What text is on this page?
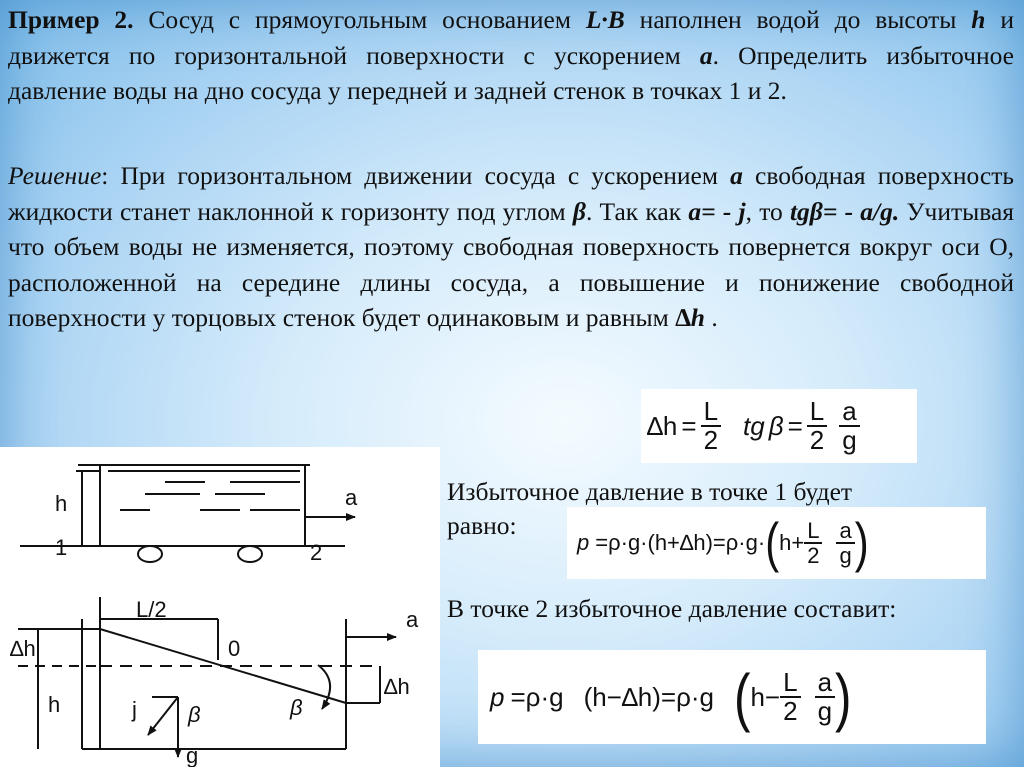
Пример 2. Сосуд с прямоугольным основанием L·B наполнен водой до высоты h и движется по горизонтальной поверхности с ускорением a. Определить избыточное давление воды на дно сосуда у передней и задней стенок в точках 1 и 2.

Решение: При горизонтальном движении сосуда с ускорением a свободная поверхность жидкости станет наклонной к горизонту под углом β. Так как a= - j, то tgβ= - a/g. Учитывая что объем воды не изменяется, поэтому свободная поверхность повернется вокруг оси О, расположенной на середине длины сосуда, а повышение и понижение свободной поверхности у торцовых стенок будет одинаковым и равным ∆h .

$\Delta h = \frac{L}{2}$ tg $\beta = \frac{L}{2} \frac{a}{g}$

Избыточное давление в точке 1 будет

равно:

p =ρ·g·(h+∆h)=ρ·g· ( $h+ \frac{L}{2} \frac{a}{g}$ )

В точке 2 избыточное давление составит:

p =ρ·g (h−∆h)=ρ·g ( $h- \frac{L}{2} \frac{a}{g}$ )
h
1	2
a
L/2
0
a
∆h
h
∆h
j β	β
g
